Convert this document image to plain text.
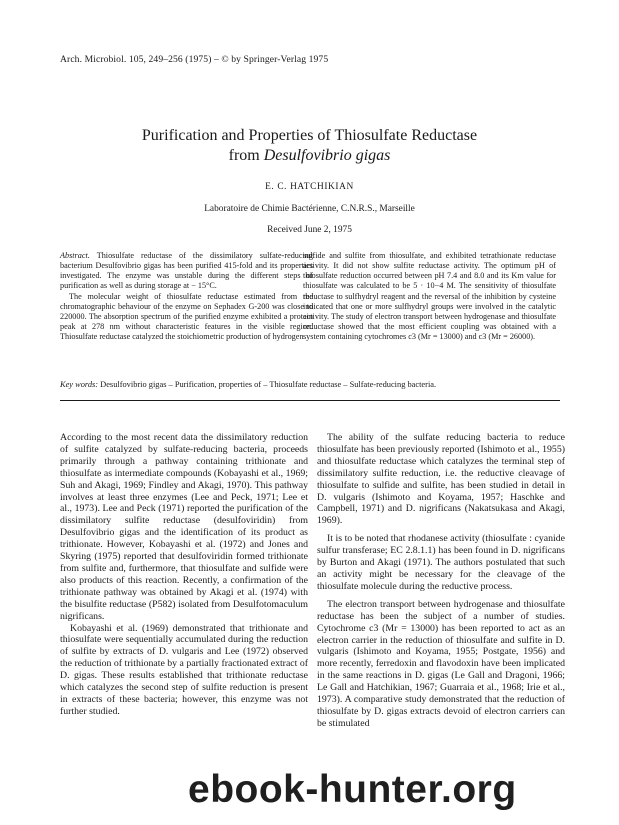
Arch. Microbiol. 105, 249–256 (1975) – © by Springer-Verlag 1975
Purification and Properties of Thiosulfate Reductase
from Desulfovibrio gigas
E. C. HATCHIKIAN
Laboratoire de Chimie Bactérienne, C.N.R.S., Marseille
Received June 2, 1975

Abstract. Thiosulfate reductase of the dissimilatory sulfate-reducing bacterium Desulfovibrio gigas has been purified 415-fold and its properties investigated. The enzyme was unstable during the different steps of purification as well as during storage at − 15°C.

The molecular weight of thiosulfate reductase estimated from the chromatographic behaviour of the enzyme on Sephadex G-200 was close to 220000. The absorption spectrum of the purified enzyme exhibited a protein peak at 278 nm without characteristic features in the visible region. Thiosulfate reductase catalyzed the stoichiometric production of hydrogen

sulfide and sulfite from thiosulfate, and exhibited tetrathionate reductase activity. It did not show sulfite reductase activity. The optimum pH of thiosulfate reduction occurred between pH 7.4 and 8.0 and its Km value for thiosulfate was calculated to be 5 · 10−4 M. The sensitivity of thiosulfate reductase to sulfhydryl reagent and the reversal of the inhibition by cysteine indicated that one or more sulfhydryl groups were involved in the catalytic activity. The study of electron transport between hydrogenase and thiosulfate reductase showed that the most efficient coupling was obtained with a system containing cytochromes c3 (Mr = 13000) and c3 (Mr = 26000).

Key words: Desulfovibrio gigas – Purification, properties of – Thiosulfate reductase – Sulfate-reducing bacteria.

According to the most recent data the dissimilatory reduction of sulfite catalyzed by sulfate-reducing bacteria, proceeds primarily through a pathway containing trithionate and thiosulfate as intermediate compounds (Kobayashi et al., 1969; Suh and Akagi, 1969; Findley and Akagi, 1970). This pathway involves at least three enzymes (Lee and Peck, 1971; Lee et al., 1973). Lee and Peck (1971) reported the purification of the dissimilatory sulfite reductase (desulfoviridin) from Desulfovibrio gigas and the identification of its product as trithionate. However, Kobayashi et al. (1972) and Jones and Skyring (1975) reported that desulfoviridin formed trithionate from sulfite and, furthermore, that thiosulfate and sulfide were also products of this reaction. Recently, a confirmation of the trithionate pathway was obtained by Akagi et al. (1974) with the bisulfite reductase (P582) isolated from Desulfotomaculum nigrificans.

Kobayashi et al. (1969) demonstrated that trithionate and thiosulfate were sequentially accumulated during the reduction of sulfite by extracts of D. vulgaris and Lee (1972) observed the reduction of trithionate by a partially fractionated extract of D. gigas. These results established that trithionate reductase which catalyzes the second step of sulfite reduction is present in extracts of these bacteria; however, this enzyme was not further studied.

The ability of the sulfate reducing bacteria to reduce thiosulfate has been previously reported (Ishimoto et al., 1955) and thiosulfate reductase which catalyzes the terminal step of dissimilatory sulfite reduction, i.e. the reductive cleavage of thiosulfate to sulfide and sulfite, has been studied in detail in D. vulgaris (Ishimoto and Koyama, 1957; Haschke and Campbell, 1971) and D. nigrificans (Nakatsukasa and Akagi, 1969).

It is to be noted that rhodanese activity (thiosulfate : cyanide sulfur transferase; EC 2.8.1.1) has been found in D. nigrificans by Burton and Akagi (1971). The authors postulated that such an activity might be necessary for the cleavage of the thiosulfate molecule during the reductive process.

The electron transport between hydrogenase and thiosulfate reductase has been the subject of a number of studies. Cytochrome c3 (Mr = 13000) has been reported to act as an electron carrier in the reduction of thiosulfate and sulfite in D. vulgaris (Ishimoto and Koyama, 1955; Postgate, 1956) and more recently, ferredoxin and flavodoxin have been implicated in the same reactions in D. gigas (Le Gall and Dragoni, 1966; Le Gall and Hatchikian, 1967; Guarraia et al., 1968; Irie et al., 1973). A comparative study demonstrated that the reduction of thiosulfate by D. gigas extracts devoid of electron carriers can be stimulated

ebook-hunter.org
